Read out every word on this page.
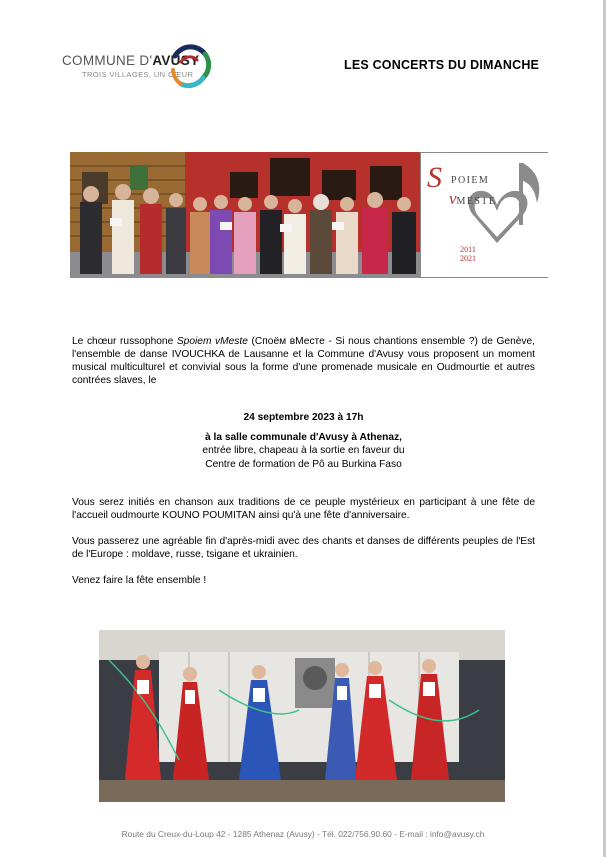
COMMUNE D'AVUSY
TROIS VILLAGES, UN CŒUR
LES CONCERTS DU DIMANCHE
S POIEM
vMESTE
2011
2021
Le chœur russophone Spoiem vMeste (Споём вМесте - Si nous chantions ensemble ?) de Genève, l'ensemble de danse IVOUCHKA de Lausanne et la Commune d'Avusy vous proposent un moment musical multiculturel et convivial sous la forme d'une promenade musicale en Oudmourtie et autres contrées slaves, le
24 septembre 2023 à 17h
à la salle communale d'Avusy à Athenaz,
entrée libre, chapeau à la sortie en faveur du
Centre de formation de Pô au Burkina Faso
Vous serez initiés en chanson aux traditions de ce peuple mystérieux en participant à une fête de l'accueil oudmourte KOUNO POUMITAN ainsi qu'à une fête d'anniversaire.
Vous passerez une agréable fin d'après-midi avec des chants et danses de différents peuples de l'Est de l'Europe : moldave, russe, tsigane et ukrainien.
Venez faire la fête ensemble !
Route du Creux-du-Loup 42 - 1285 Athenaz (Avusy) - Tél. 022/756.90.60 - E-mail : info@avusy.ch
